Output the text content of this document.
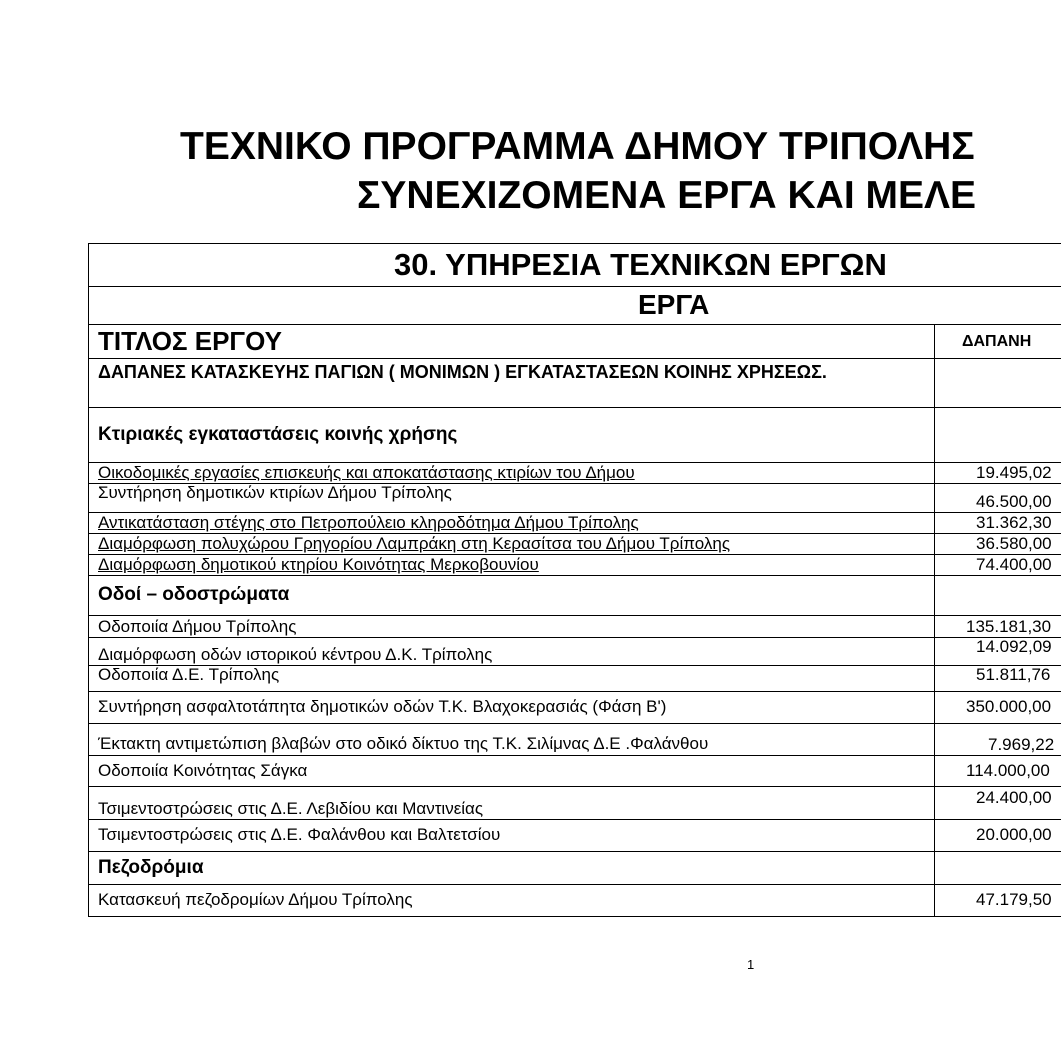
ΤΕΧΝΙΚΟ ΠΡΟΓΡΑΜΜΑ ΔΗΜΟΥ ΤΡΙΠΟΛΗΣ
ΣΥΝΕΧΙΖΟΜΕΝΑ ΕΡΓΑ ΚΑΙ ΜΕΛΕ
30. ΥΠΗΡΕΣΙΑ ΤΕΧΝΙΚΩΝ ΕΡΓΩΝ	
ΕΡΓΑ	
ΤΙΤΛΟΣ ΕΡΓΟΥ	ΔΑΠΑΝΗ
ΔΑΠΑΝΕΣ ΚΑΤΑΣΚΕΥΗΣ ΠΑΓΙΩΝ ( ΜΟΝΙΜΩΝ ) ΕΓΚΑΤΑΣΤΑΣΕΩΝ ΚΟΙΝΗΣ ΧΡΗΣΕΩΣ.	
Κτιριακές εγκαταστάσεις κοινής χρήσης	
Οικοδομικές εργασίες επισκευής και αποκατάστασης κτιρίων του Δήμου	19.495,02
Συντήρηση δημοτικών κτιρίων Δήμου Τρίπολης	46.500,00
Αντικατάσταση στέγης στο Πετροπούλειο κληροδότημα Δήμου Τρίπολης	31.362,30
Διαμόρφωση πολυχώρου Γρηγορίου Λαμπράκη στη Κερασίτσα του Δήμου Τρίπολης	36.580,00
Διαμόρφωση δημοτικού κτηρίου Κοινότητας Μερκοβουνίου	74.400,00
Οδοί – οδοστρώματα	
Οδοποιία Δήμου Τρίπολης	135.181,30
Διαμόρφωση οδών ιστορικού κέντρου Δ.Κ. Τρίπολης	14.092,09
Οδοποιία Δ.Ε. Τρίπολης	51.811,76
Συντήρηση ασφαλτοτάπητα δημοτικών οδών Τ.Κ. Βλαχοκερασιάς (Φάση Β')	350.000,00
Έκτακτη αντιμετώπιση βλαβών στο οδικό δίκτυο της Τ.Κ. Σιλίμνας Δ.Ε .Φαλάνθου	7.969,22
Οδοποιία Κοινότητας Σάγκα	114.000,00
Τσιμεντοστρώσεις στις Δ.Ε. Λεβιδίου και Μαντινείας	24.400,00
Τσιμεντοστρώσεις στις Δ.Ε. Φαλάνθου και Βαλτετσίου	20.000,00
Πεζοδρόμια	
Κατασκευή πεζοδρομίων Δήμου Τρίπολης	47.179,50
1
